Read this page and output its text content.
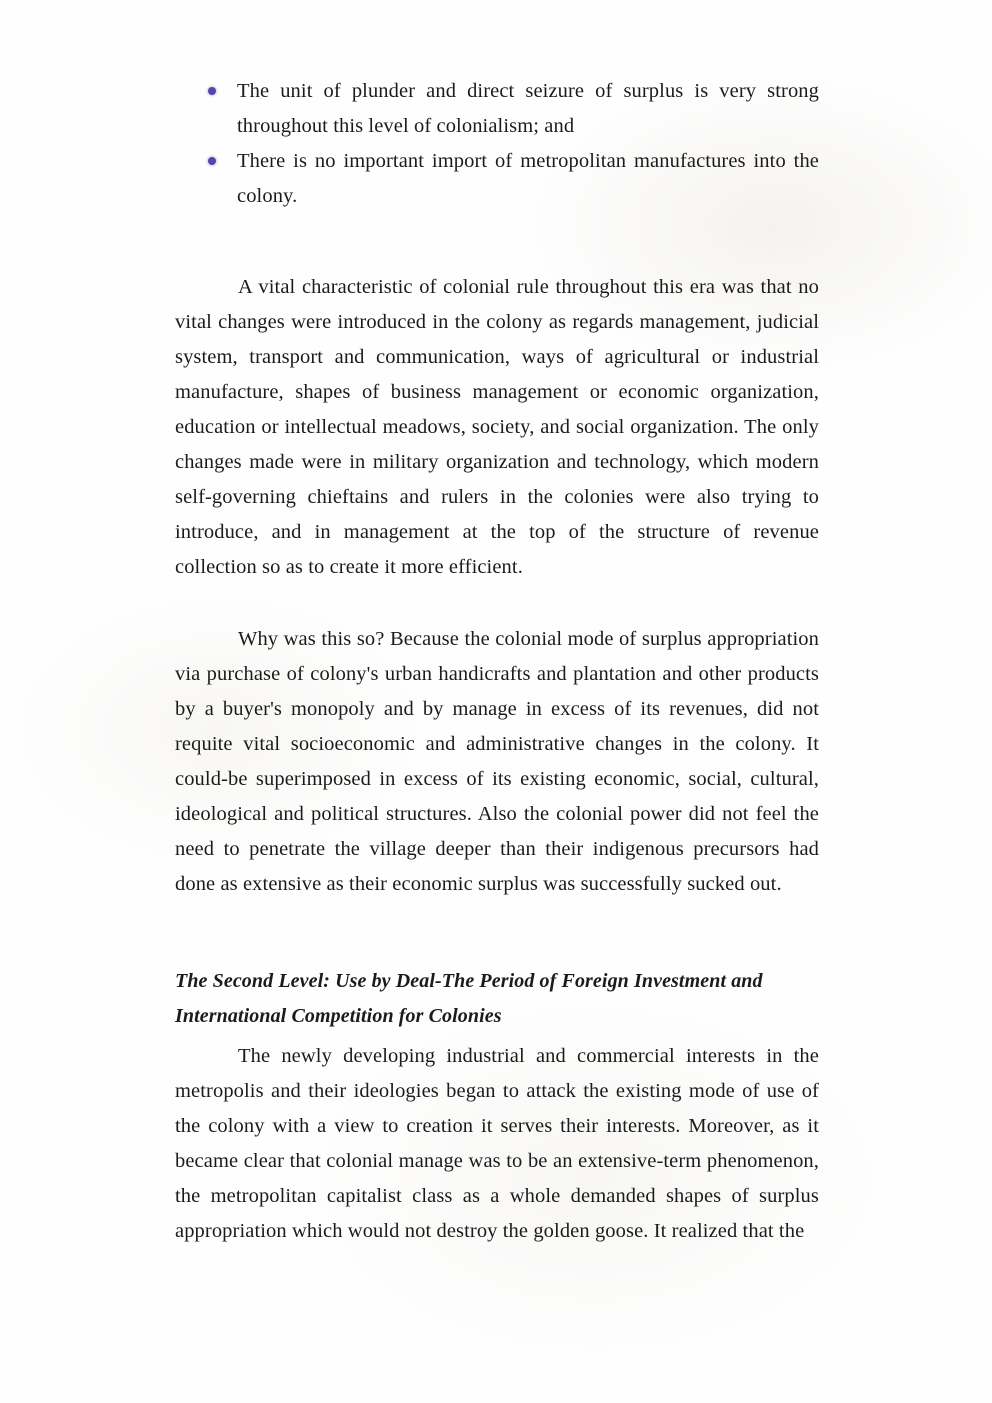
The unit of plunder and direct seizure of surplus is very strong throughout this level of colonialism; and
There is no important import of metropolitan manufactures into the colony.

A vital characteristic of colonial rule throughout this era was that no vital changes were introduced in the colony as regards management, judicial system, transport and communication, ways of agricultural or industrial manufacture, shapes of business management or economic organization, education or intellectual meadows, society, and social organization. The only changes made were in military organization and technology, which modern self-governing chieftains and rulers in the colonies were also trying to introduce, and in management at the top of the structure of revenue collection so as to create it more efficient.

Why was this so? Because the colonial mode of surplus appropriation via purchase of colony's urban handicrafts and plantation and other products by a buyer's monopoly and by manage in excess of its revenues, did not requite vital socioeconomic and administrative changes in the colony. It could-be superimposed in excess of its existing economic, social, cultural, ideological and political structures. Also the colonial power did not feel the need to penetrate the village deeper than their indigenous precursors had done as extensive as their economic surplus was successfully sucked out.

The Second Level: Use by Deal-The Period of Foreign Investment and International Competition for Colonies

The newly developing industrial and commercial interests in the metropolis and their ideologies began to attack the existing mode of use of the colony with a view to creation it serves their interests. Moreover, as it became clear that colonial manage was to be an extensive-term phenomenon, the metropolitan capitalist class as a whole demanded shapes of surplus appropriation which would not destroy the golden goose. It realized that the
